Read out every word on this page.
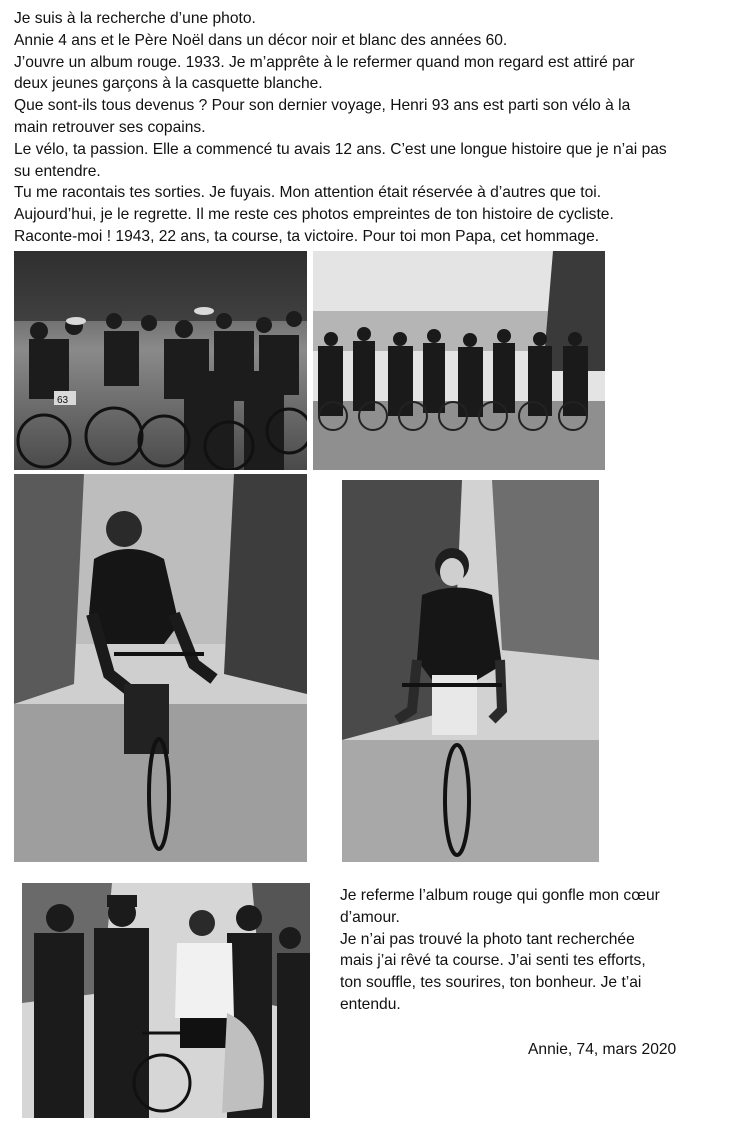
Je suis à la recherche d’une photo.

Annie 4 ans et le Père Noël dans un décor noir et blanc des années 60.

J’ouvre un album rouge. 1933. Je m’apprête à le refermer quand mon regard est attiré par

deux jeunes garçons à la casquette blanche.

Que sont-ils tous devenus ? Pour son dernier voyage, Henri 93 ans est parti son vélo à la

main retrouver ses copains.

Le vélo, ta passion. Elle a commencé tu avais 12 ans. C’est une longue histoire que je n’ai pas

su entendre.

Tu me racontais tes sorties. Je fuyais. Mon attention était réservée à d’autres que toi.

Aujourd’hui, je le regrette. Il me reste ces photos empreintes de ton histoire de cycliste.

Raconte-moi ! 1943, 22 ans, ta course, ta victoire. Pour toi mon Papa, cet hommage.

63

Je referme l’album rouge qui gonfle mon cœur

d’amour.

Je n’ai pas trouvé la photo tant recherchée

mais j’ai rêvé ta course. J’ai senti tes efforts,

ton souffle, tes sourires, ton bonheur. Je t’ai

entendu.

Annie, 74, mars 2020
